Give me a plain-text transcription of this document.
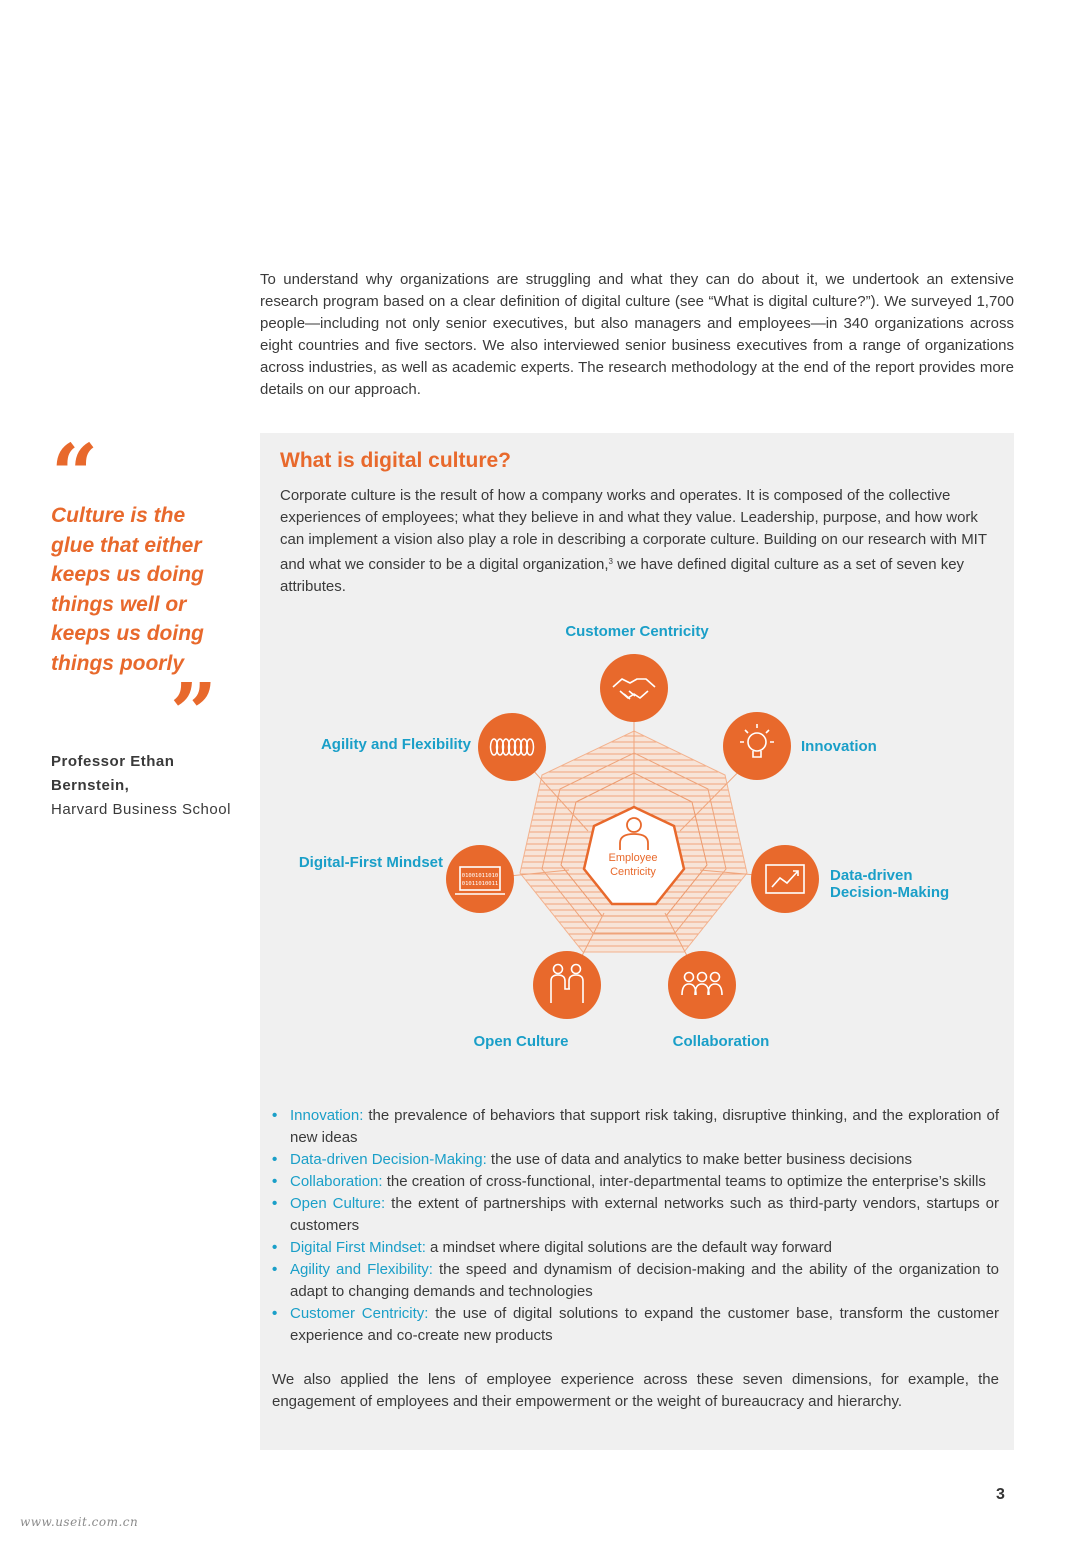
To understand why organizations are struggling and what they can do about it, we undertook an extensive research program based on a clear definition of digital culture (see “What is digital culture?”). We surveyed 1,700 people—including not only senior executives, but also managers and employees—in 340 organizations across eight countries and five sectors. We also interviewed senior business executives from a range of organizations across industries, as well as academic experts. The research methodology at the end of the report provides more details on our approach.

“

Culture is the glue that either keeps us doing things well or keeps us doing things poorly

”
Professor Ethan Bernstein,
Harvard Business School
What is digital culture?

Corporate culture is the result of how a company works and operates. It is composed of the collective experiences of employees; what they believe in and what they value. Leadership, purpose, and how work can implement a vision also play a role in describing a corporate culture. Building on our research with MIT and what we consider to be a digital organization,$^3$ we have defined digital culture as a set of seven key attributes.

Employee
Centricity
Customer Centricity
Innovation
Data-driven
Decision-Making
Collaboration
Open Culture
01001011010
01011010011
Digital-First Mindset
Agility and Flexibility
• Innovation: the prevalence of behaviors that support risk taking, disruptive thinking, and the exploration of new ideas
• Data-driven Decision-Making: the use of data and analytics to make better business decisions
• Collaboration: the creation of cross-functional, inter-departmental teams to optimize the enterprise’s skills
• Open Culture: the extent of partnerships with external networks such as third-party vendors, startups or customers
• Digital First Mindset: a mindset where digital solutions are the default way forward
• Agility and Flexibility: the speed and dynamism of decision-making and the ability of the organization to adapt to changing demands and technologies
• Customer Centricity: the use of digital solutions to expand the customer base, transform the customer experience and co-create new products

We also applied the lens of employee experience across these seven dimensions, for example, the engagement of employees and their empowerment or the weight of bureaucracy and hierarchy.

3
www.useit.com.cn
